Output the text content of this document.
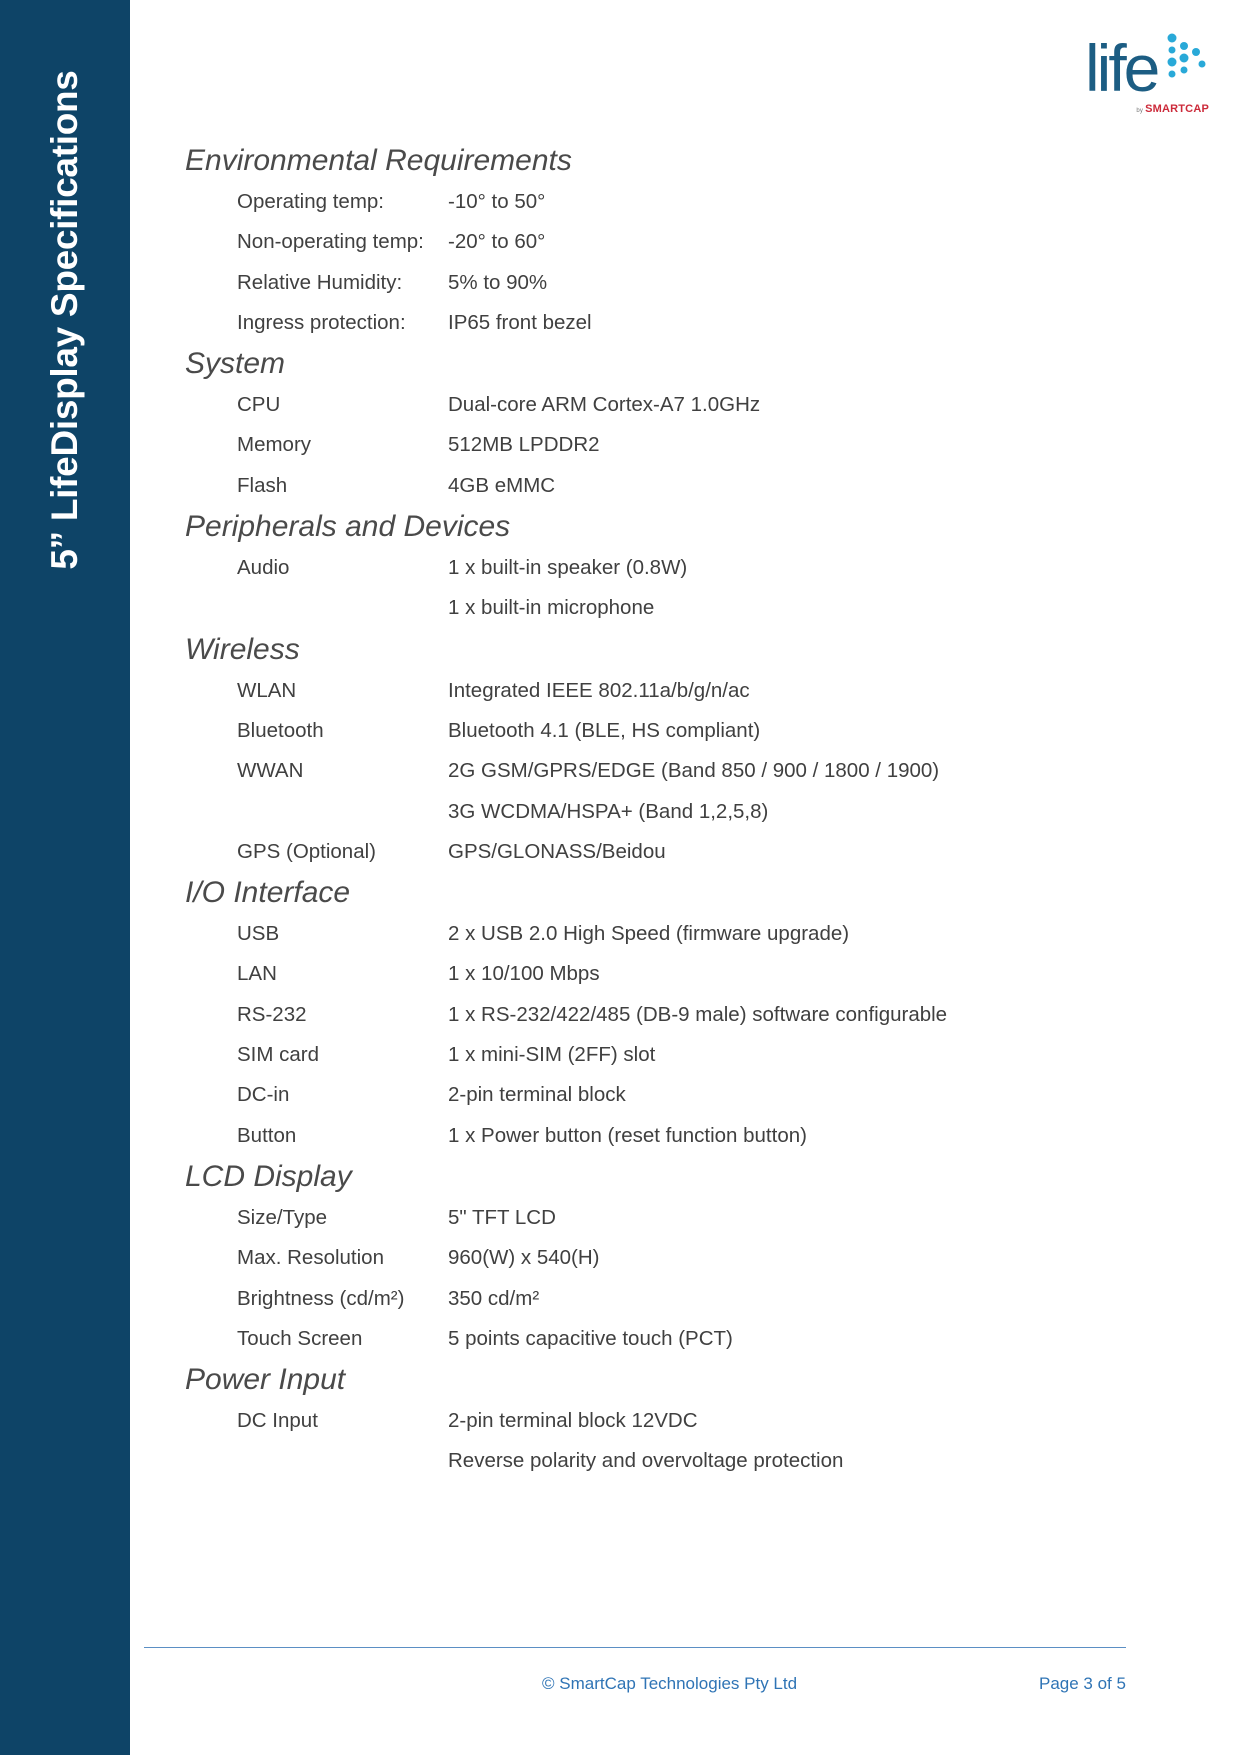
5” LifeDisplay Specifications
life
by SMARTCAP
Environmental Requirements
Operating temp:	-10° to 50°
Non-operating temp:	-20° to 60°
Relative Humidity:	5% to 90%
Ingress protection:	IP65 front bezel
System
CPU	Dual-core ARM Cortex-A7 1.0GHz
Memory	512MB LPDDR2
Flash	4GB eMMC
Peripherals and Devices
Audio	1 x built-in speaker (0.8W)
1 x built-in microphone
Wireless
WLAN	Integrated IEEE 802.11a/b/g/n/ac
Bluetooth	Bluetooth 4.1 (BLE, HS compliant)
WWAN	2G GSM/GPRS/EDGE (Band 850 / 900 / 1800 / 1900)
3G WCDMA/HSPA+ (Band 1,2,5,8)
GPS (Optional)	GPS/GLONASS/Beidou
I/O Interface
USB	2 x USB 2.0 High Speed (firmware upgrade)
LAN	1 x 10/100 Mbps
RS-232	1 x RS-232/422/485 (DB-9 male) software configurable
SIM card	1 x mini-SIM (2FF) slot
DC-in	2-pin terminal block
Button	1 x Power button (reset function button)
LCD Display
Size/Type	5" TFT LCD
Max. Resolution	960(W) x 540(H)
Brightness (cd/m²)	350 cd/m²
Touch Screen	5 points capacitive touch (PCT)
Power Input
DC Input	2-pin terminal block 12VDC
Reverse polarity and overvoltage protection
© SmartCap Technologies Pty Ltd	Page 3 of 5
